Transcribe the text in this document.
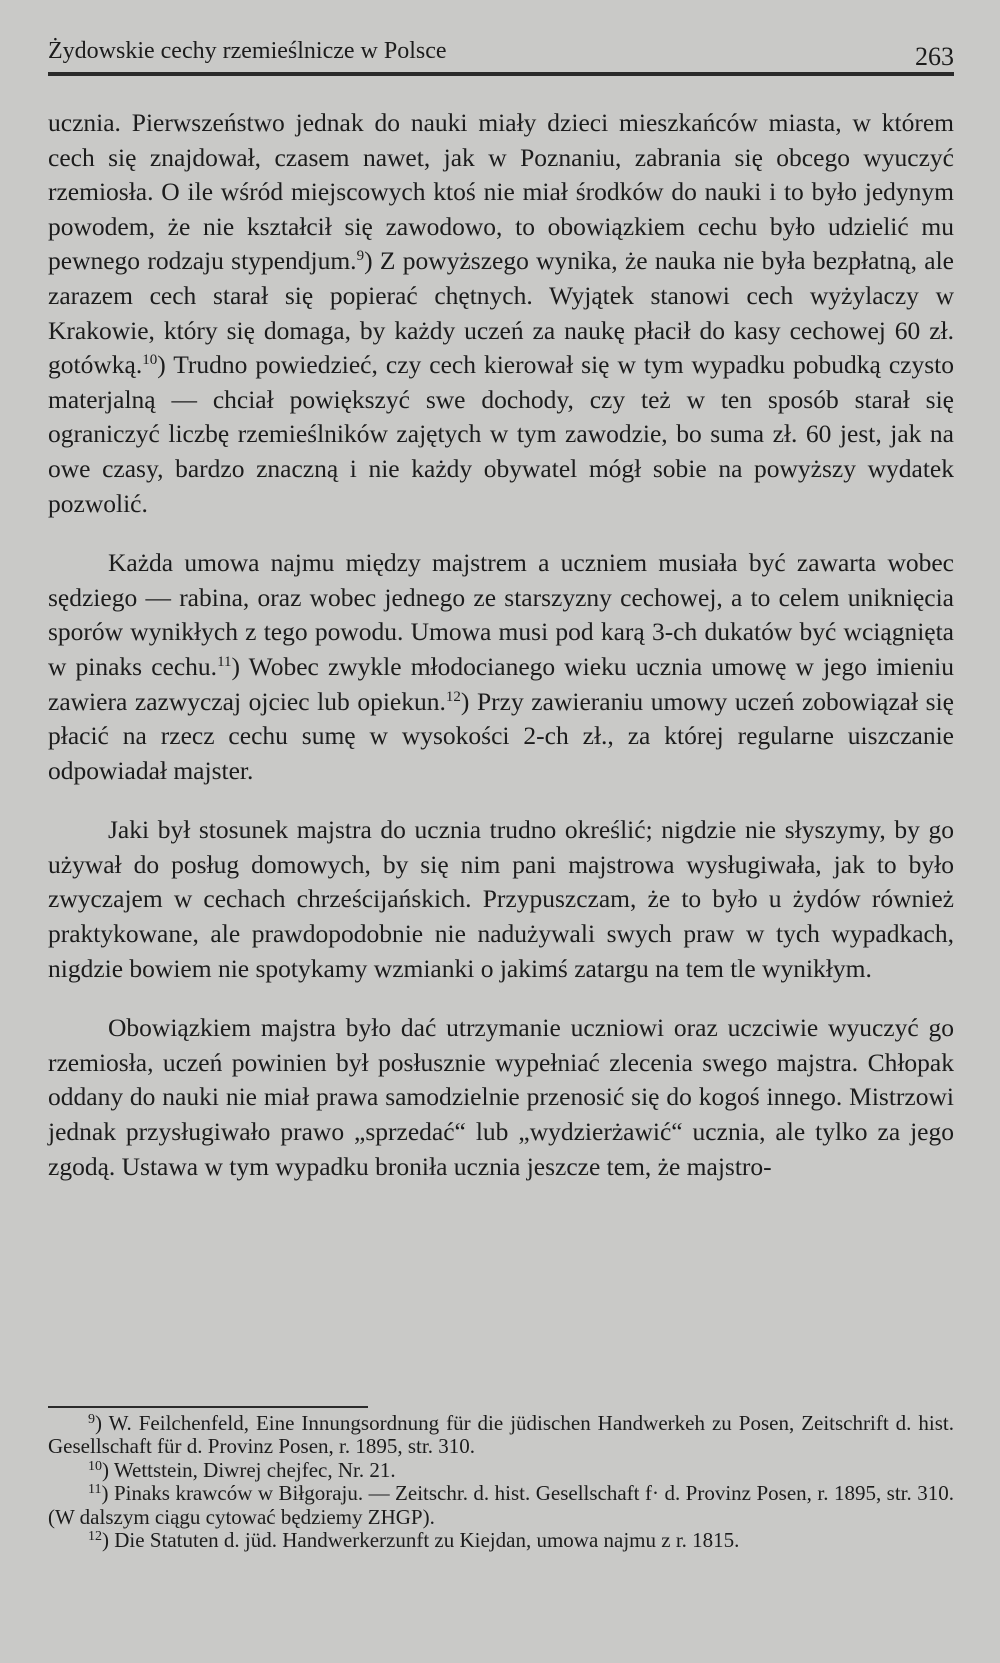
Żydowskie cechy rzemieślnicze w Polsce	263

ucznia. Pierwszeństwo jednak do nauki miały dzieci mieszkańców miasta, w którem cech się znajdował, czasem nawet, jak w Poznaniu, zabrania się obcego wyuczyć rzemiosła. O ile wśród miejscowych ktoś nie miał środków do nauki i to było jedynym powodem, że nie kształcił się zawodowo, to obowiązkiem cechu było udzielić mu pewnego rodzaju stypendjum.$^9$) Z powyższego wynika, że nauka nie była bezpłatną, ale zarazem cech starał się popierać chętnych. Wyjątek stanowi cech wyżylaczy w Krakowie, który się domaga, by każdy uczeń za naukę płacił do kasy cechowej 60 zł. gotówką.$^{10}$) Trudno powiedzieć, czy cech kierował się w tym wypadku pobudką czysto materjalną — chciał powiększyć swe dochody, czy też w ten sposób starał się ograniczyć liczbę rzemieślników zajętych w tym zawodzie, bo suma zł. 60 jest, jak na owe czasy, bardzo znaczną i nie każdy obywatel mógł sobie na powyższy wydatek pozwolić.

Każda umowa najmu między majstrem a uczniem musiała być zawarta wobec sędziego — rabina, oraz wobec jednego ze starszyzny cechowej, a to celem uniknięcia sporów wynikłych z tego powodu. Umowa musi pod karą 3-ch dukatów być wciągnięta w pinaks cechu.$^{11}$) Wobec zwykle młodocianego wieku ucznia umowę w jego imieniu zawiera zazwyczaj ojciec lub opiekun.$^{12}$) Przy zawieraniu umowy uczeń zobowiązał się płacić na rzecz cechu sumę w wysokości 2-ch zł., za której regularne uiszczanie odpowiadał majster.

Jaki był stosunek majstra do ucznia trudno określić; nigdzie nie słyszymy, by go używał do posług domowych, by się nim pani majstrowa wysługiwała, jak to było zwyczajem w cechach chrześcijańskich. Przypuszczam, że to było u żydów również praktykowane, ale prawdopodobnie nie nadużywali swych praw w tych wypadkach, nigdzie bowiem nie spotykamy wzmianki o jakimś zatargu na tem tle wynikłym.

Obowiązkiem majstra było dać utrzymanie uczniowi oraz uczciwie wyuczyć go rzemiosła, uczeń powinien był posłusznie wypełniać zlecenia swego majstra. Chłopak oddany do nauki nie miał prawa samodzielnie przenosić się do kogoś innego. Mistrzowi jednak przysługiwało prawo „sprzedać“ lub „wydzierżawić“ ucznia, ale tylko za jego zgodą. Ustawa w tym wypadku broniła ucznia jeszcze tem, że majstro-

$^9$) W. Feilchenfeld, Eine Innungsordnung für die jüdischen Handwerkeh zu Posen, Zeitschrift d. hist. Gesellschaft für d. Provinz Posen, r. 1895, str. 310.

$^{10}$) Wettstein, Diwrej chejfec, Nr. 21.

$^{11}$) Pinaks krawców w Biłgoraju. — Zeitschr. d. hist. Gesellschaft f· d. Provinz Posen, r. 1895, str. 310. (W dalszym ciągu cytować będziemy ZHGP).

$^{12}$) Die Statuten d. jüd. Handwerkerzunft zu Kiejdan, umowa najmu z r. 1815.
